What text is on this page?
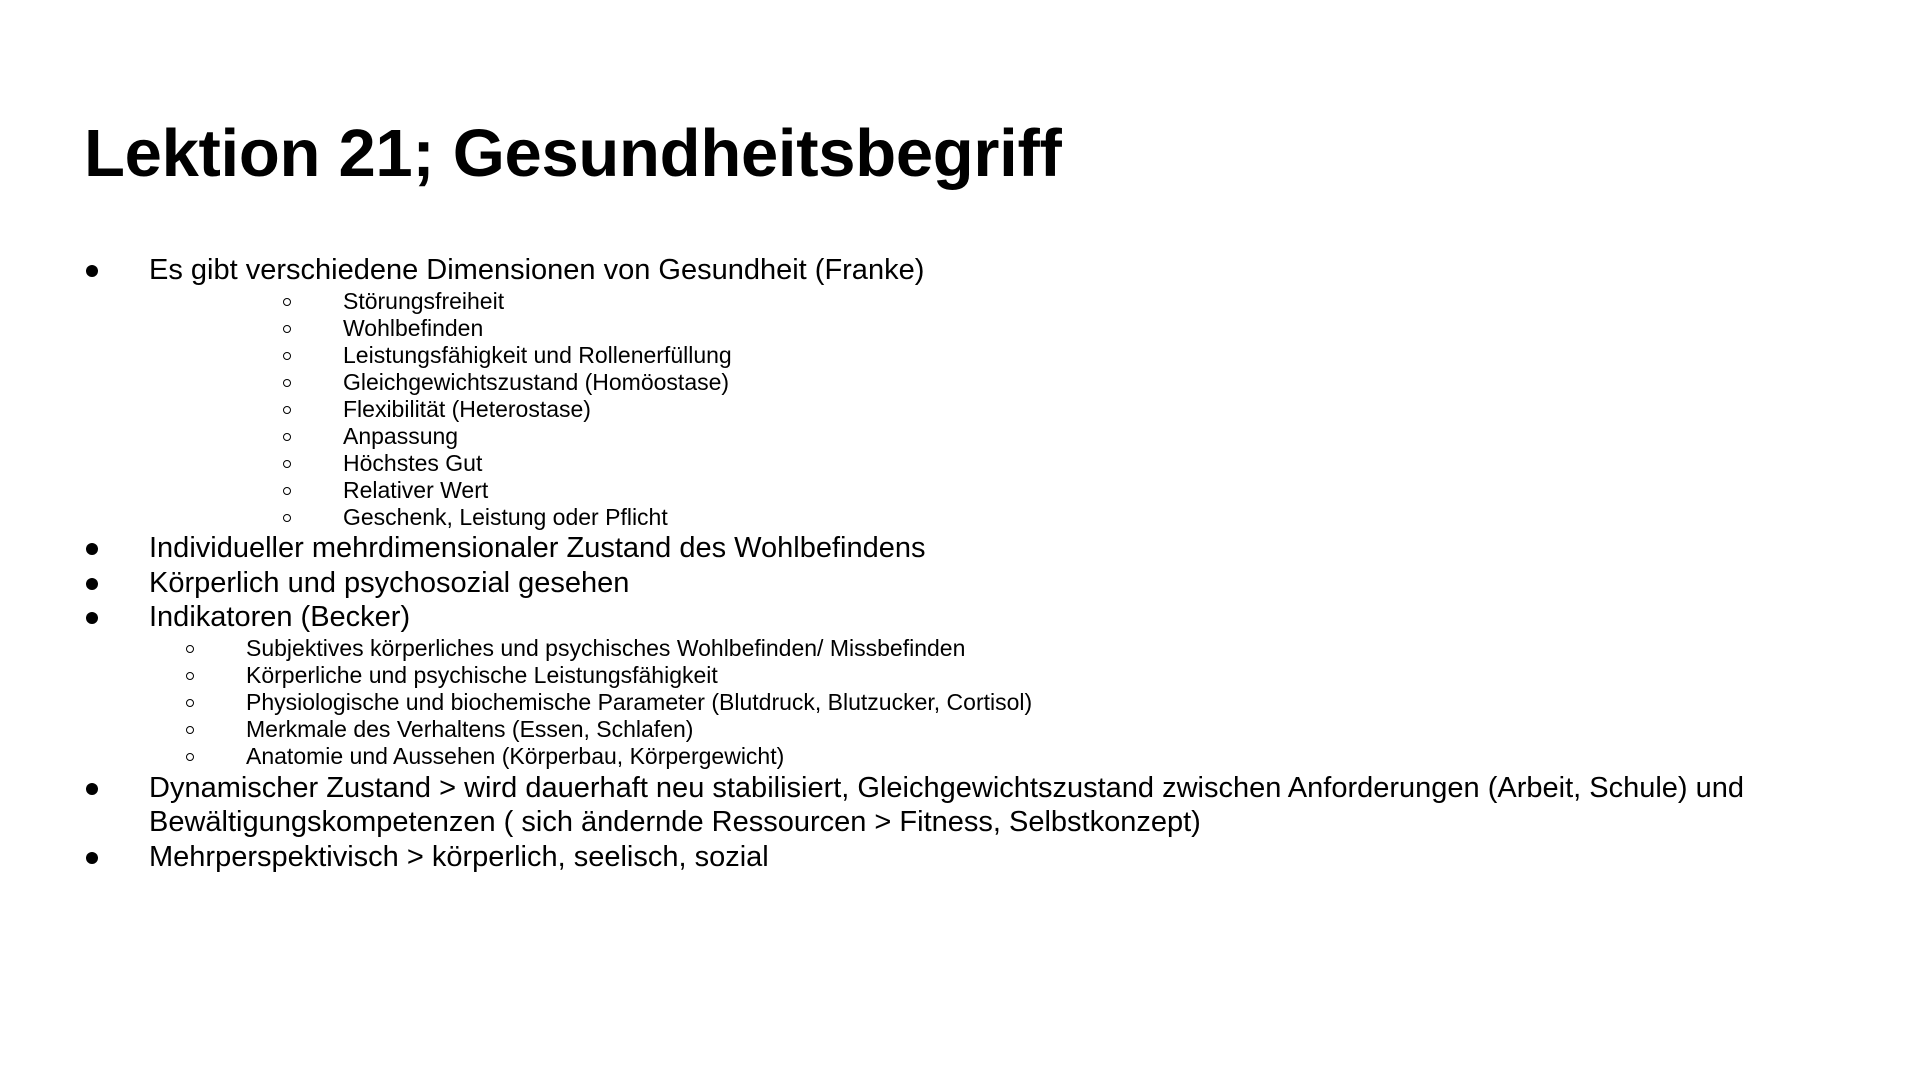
Lektion 21; Gesundheitsbegriff
Es gibt verschiedene Dimensionen von Gesundheit (Franke)
Störungsfreiheit
Wohlbefinden
Leistungsfähigkeit und Rollenerfüllung
Gleichgewichtszustand (Homöostase)
Flexibilität (Heterostase)
Anpassung
Höchstes Gut
Relativer Wert
Geschenk, Leistung oder Pflicht
Individueller mehrdimensionaler Zustand des Wohlbefindens
Körperlich und psychosozial gesehen
Indikatoren (Becker)
Subjektives körperliches und psychisches Wohlbefinden/ Missbefinden
Körperliche und psychische Leistungsfähigkeit
Physiologische und biochemische Parameter (Blutdruck, Blutzucker, Cortisol)
Merkmale des Verhaltens (Essen, Schlafen)
Anatomie und Aussehen (Körperbau, Körpergewicht)
Dynamischer Zustand > wird dauerhaft neu stabilisiert, Gleichgewichtszustand zwischen Anforderungen (Arbeit, Schule) und
Bewältigungskompetenzen ( sich ändernde Ressourcen > Fitness, Selbstkonzept)
Mehrperspektivisch > körperlich, seelisch, sozial
